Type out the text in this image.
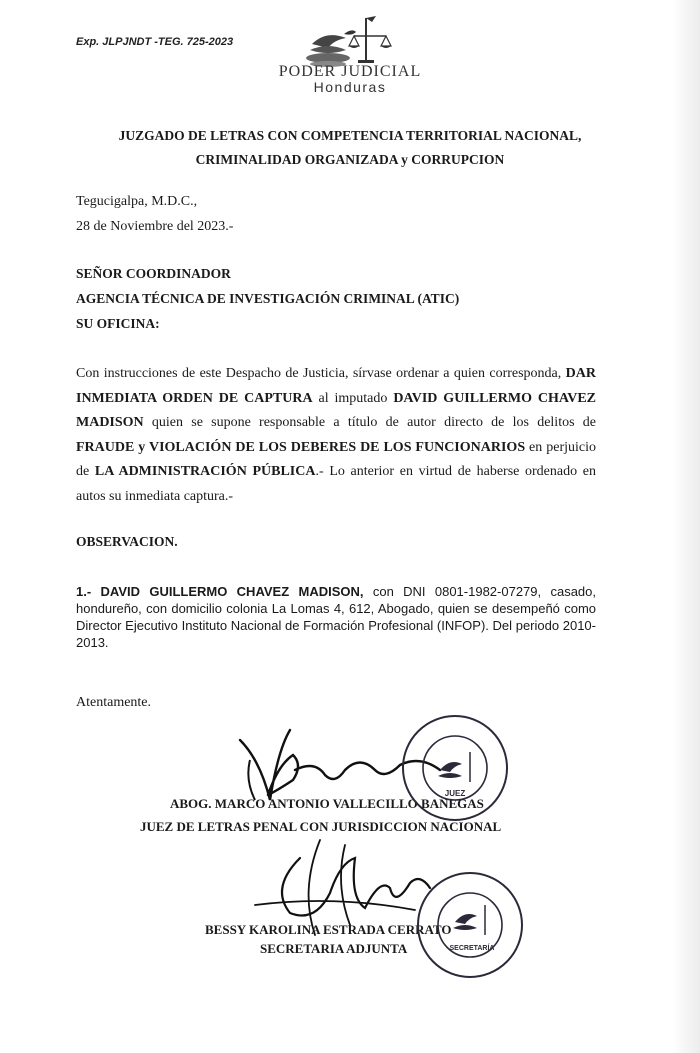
Exp. JLPJNDT -TEG. 725-2023
PODER JUDICIAL
Honduras
JUZGADO DE LETRAS CON COMPETENCIA TERRITORIAL NACIONAL,
CRIMINALIDAD ORGANIZADA y CORRUPCION
Tegucigalpa, M.D.C.,
28 de Noviembre del 2023.-
SEÑOR COORDINADOR
AGENCIA TÉCNICA DE INVESTIGACIÓN CRIMINAL (ATIC)
SU OFICINA:
Con instrucciones de este Despacho de Justicia, sírvase ordenar a quien corresponda, DAR INMEDIATA ORDEN DE CAPTURA al imputado DAVID GUILLERMO CHAVEZ MADISON quien se supone responsable a título de autor directo de los delitos de FRAUDE y VIOLACIÓN DE LOS DEBERES DE LOS FUNCIONARIOS en perjuicio de LA ADMINISTRACIÓN PÚBLICA.- Lo anterior en virtud de haberse ordenado en autos su inmediata captura.-
OBSERVACION.
1.- DAVID GUILLERMO CHAVEZ MADISON, con DNI 0801-1982-07279, casado, hondureño, con domicilio colonia La Lomas 4, 612, Abogado, quien se desempeñó como Director Ejecutivo Instituto Nacional de Formación Profesional (INFOP). Del periodo 2010-2013.
Atentamente.
ABOG. MARCO ANTONIO VALLECILLO BANEGAS
JUEZ DE LETRAS PENAL CON JURISDICCION NACIONAL
BESSY KAROLINA ESTRADA CERRATO
SECRETARIA ADJUNTA
JUEZ
SECRETARÍA
